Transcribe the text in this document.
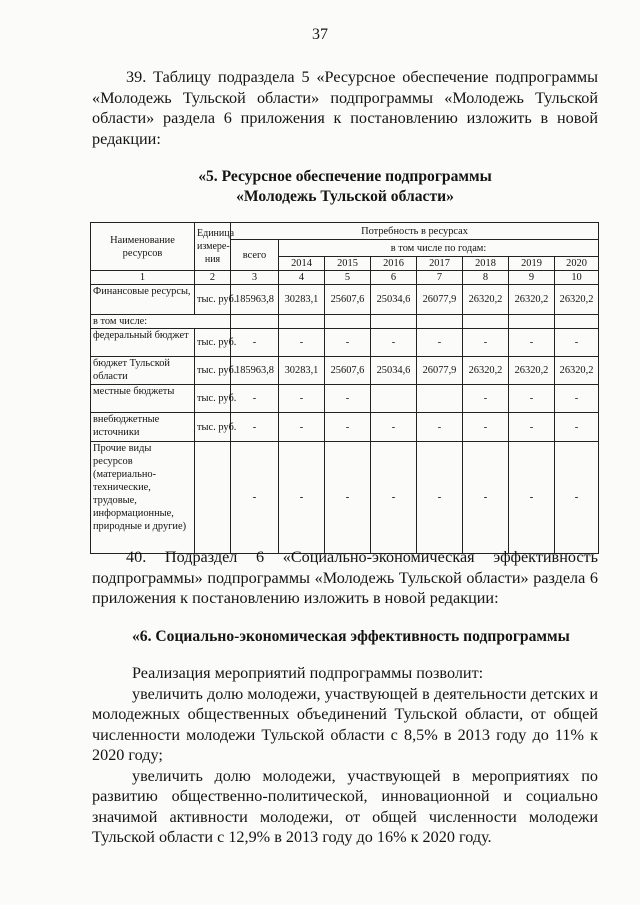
37
39. Таблицу подраздела 5 «Ресурсное обеспечение подпрограммы «Молодежь Тульской области» подпрограммы «Молодежь Тульской области» раздела 6 приложения к постановлению изложить в новой редакции:
«5. Ресурсное обеспечение подпрограммы
«Молодежь Тульской области»
Наименование ресурсов	Единица измере-ния	Потребность в ресурсах							
		всего	в том числе по годам:						
			2014	2015	2016	2017	2018	2019	2020
1	2	3	4	5	6	7	8	9	10
Финансовые ресурсы,	тыс. руб.	185963,8	30283,1	25607,6	25034,6	26077,9	26320,2	26320,2	26320,2
в том числе:									
федеральный бюджет	тыс. руб.	-	-	-	-	-	-	-	-
бюджет Тульской области	тыс. руб.	185963,8	30283,1	25607,6	25034,6	26077,9	26320,2	26320,2	26320,2
местные бюджеты	тыс. руб.	-	-	-			-	-	-
внебюджетные источники	тыс. руб.	-	-	-	-	-	-	-	-
Прочие виды ресурсов (материально-технические, трудовые, информационные, природные и другие)		-	-	-	-	-	-	-	-
40. Подраздел 6 «Социально-экономическая эффективность подпрограммы» подпрограммы «Молодежь Тульской области» раздела 6 приложения к постановлению изложить в новой редакции:
«6. Социально-экономическая эффективность подпрограммы

Реализация мероприятий подпрограммы позволит:

увеличить долю молодежи, участвующей в деятельности детских и молодежных общественных объединений Тульской области, от общей численности молодежи Тульской области с 8,5% в 2013 году до 11% к 2020 году;

увеличить долю молодежи, участвующей в мероприятиях по развитию общественно-политической, инновационной и социально значимой активности молодежи, от общей численности молодежи Тульской области с 12,9% в 2013 году до 16% к 2020 году.
